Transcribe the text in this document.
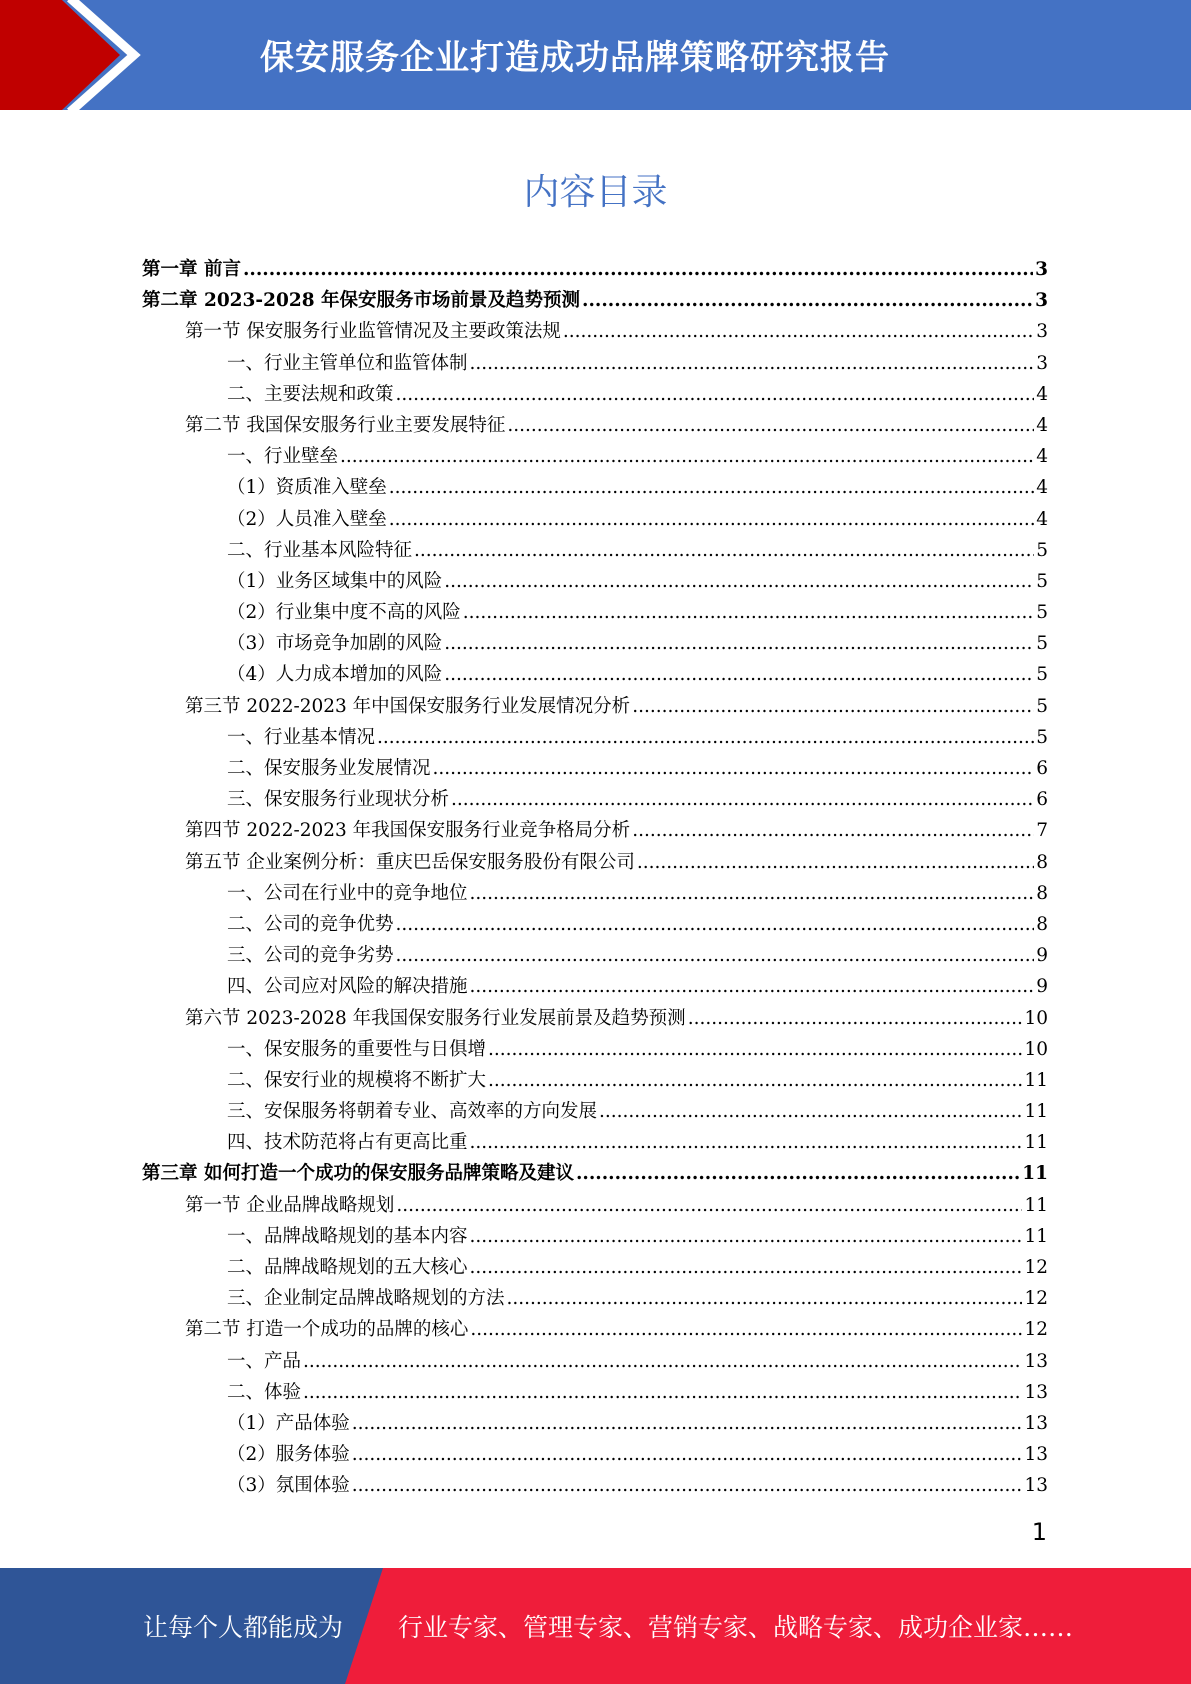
保安服务企业打造成功品牌策略研究报告
内容目录
第一章 前言 .....	3
第二章 2023-2028 年保安服务市场前景及趋势预测 .....	3
第一节 保安服务行业监管情况及主要政策法规 .....	3
一、行业主管单位和监管体制 .....	3
二、主要法规和政策 .....	4
第二节 我国保安服务行业主要发展特征 .....	4
一、行业壁垒 .....	4
（1）资质准入壁垒 .....	4
（2）人员准入壁垒 .....	4
二、行业基本风险特征 .....	5
（1）业务区域集中的风险 .....	5
（2）行业集中度不高的风险 .....	5
（3）市场竞争加剧的风险 .....	5
（4）人力成本增加的风险 .....	5
第三节 2022-2023 年中国保安服务行业发展情况分析 .....	5
一、行业基本情况 .....	5
二、保安服务业发展情况 .....	6
三、保安服务行业现状分析 .....	6
第四节 2022-2023 年我国保安服务行业竞争格局分析 .....	7
第五节 企业案例分析：重庆巴岳保安服务股份有限公司 .....	8
一、公司在行业中的竞争地位 .....	8
二、公司的竞争优势 .....	8
三、公司的竞争劣势 .....	9
四、公司应对风险的解决措施 .....	9
第六节 2023-2028 年我国保安服务行业发展前景及趋势预测 .....	10
一、保安服务的重要性与日俱增 .....	10
二、保安行业的规模将不断扩大 .....	11
三、安保服务将朝着专业、高效率的方向发展 .....	11
四、技术防范将占有更高比重 .....	11
第三章 如何打造一个成功的保安服务品牌策略及建议 .....	11
第一节 企业品牌战略规划 .....	11
一、品牌战略规划的基本内容 .....	11
二、品牌战略规划的五大核心 .....	12
三、企业制定品牌战略规划的方法 .....	12
第二节 打造一个成功的品牌的核心 .....	12
一、产品 .....	13
二、体验 .....	13
（1）产品体验 .....	13
（2）服务体验 .....	13
（3）氛围体验 .....	13
1
让每个人都能成为 行业专家、管理专家、营销专家、战略专家、成功企业家……
